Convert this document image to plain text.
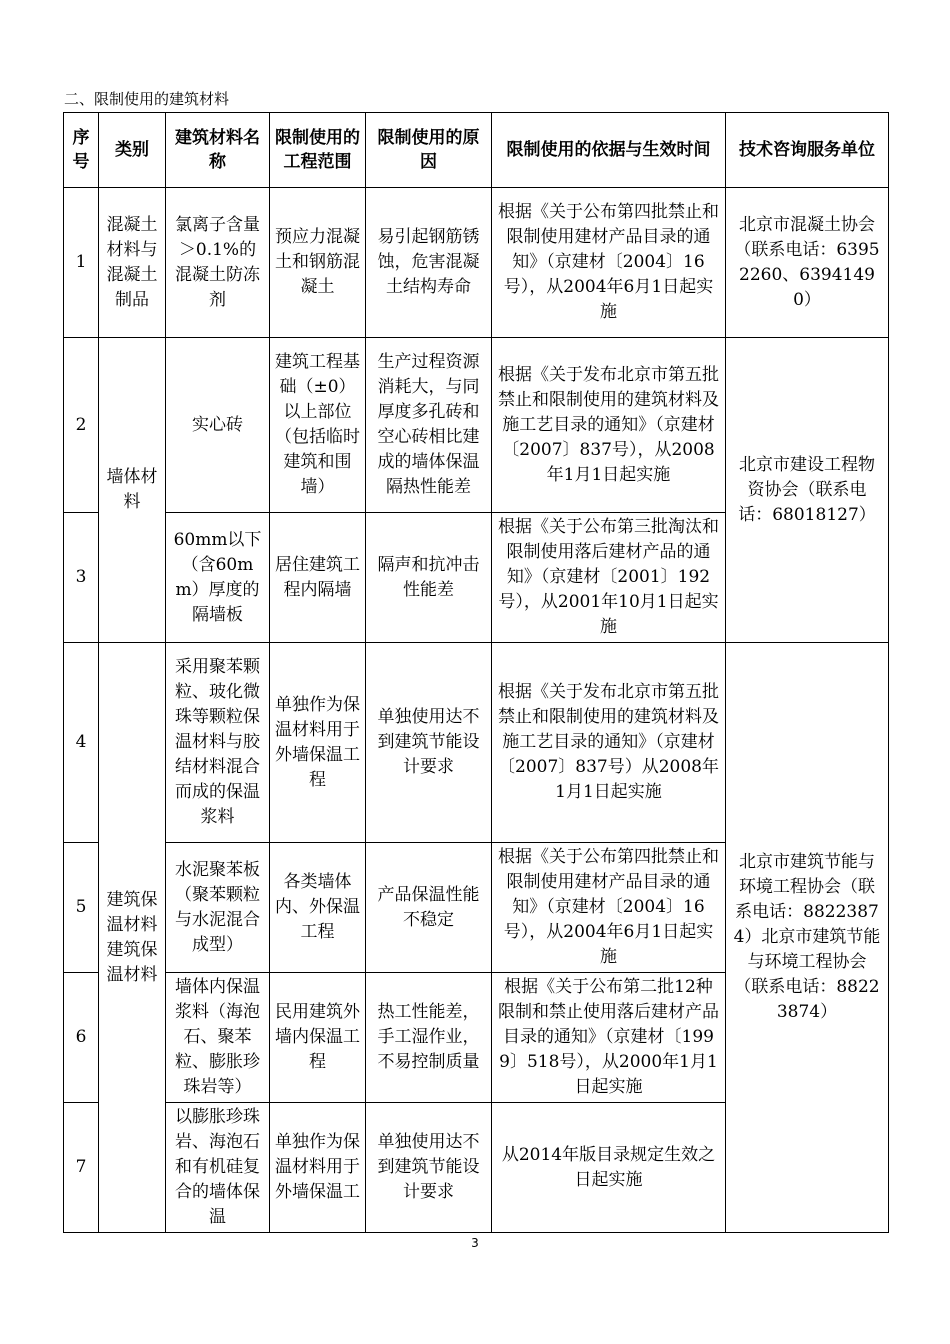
二、限制使用的建筑材料
序号	类别	建筑材料名称	限制使用的工程范围	限制使用的原因	限制使用的依据与生效时间	技术咨询服务单位
1	混凝土材料与混凝土制品	氯离子含量＞0.1%的混凝土防冻剂	预应力混凝土和钢筋混凝土	易引起钢筋锈蚀，危害混凝土结构寿命	根据《关于公布第四批禁止和限制使用建材产品目录的通知》（京建材〔2004〕16号），从2004年6月1日起实施	北京市混凝土协会（联系电话：63952260、63941490）
2	墙体材料	实心砖	建筑工程基础（±0）以上部位（包括临时建筑和围墙）	生产过程资源消耗大，与同厚度多孔砖和空心砖相比建成的墙体保温隔热性能差	根据《关于发布北京市第五批禁止和限制使用的建筑材料及施工艺目录的通知》（京建材〔2007〕837号），从2008年1月1日起实施	北京市建设工程物资协会（联系电话：68018127）
3		60mm以下（含60mm）厚度的隔墙板	居住建筑工程内隔墙	隔声和抗冲击性能差	根据《关于公布第三批淘汰和限制使用落后建材产品的通知》（京建材〔2001〕192号），从2001年10月1日起实施	
4	建筑保温材料建筑保温材料	采用聚苯颗粒、玻化微珠等颗粒保温材料与胶结材料混合而成的保温浆料	单独作为保温材料用于外墙保温工程	单独使用达不到建筑节能设计要求	根据《关于发布北京市第五批禁止和限制使用的建筑材料及施工艺目录的通知》（京建材〔2007〕837号）从2008年1月1日起实施	北京市建筑节能与环境工程协会（联系电话：88223874）北京市建筑节能与环境工程协会（联系电话：88223874）
5		水泥聚苯板（聚苯颗粒与水泥混合成型）	各类墙体内、外保温工程	产品保温性能不稳定	根据《关于公布第四批禁止和限制使用建材产品目录的通知》（京建材〔2004〕16号），从2004年6月1日起实施	
6		墙体内保温浆料（海泡石、聚苯粒、膨胀珍珠岩等）	民用建筑外墙内保温工程	热工性能差，手工湿作业，不易控制质量	根据《关于公布第二批12种限制和禁止使用落后建材产品目录的通知》（京建材〔1999〕518号），从2000年1月1日起实施	
7		以膨胀珍珠岩、海泡石和有机硅复合的墙体保温	单独作为保温材料用于外墙保温工	单独使用达不到建筑节能设计要求	从2014年版目录规定生效之日起实施	
3
